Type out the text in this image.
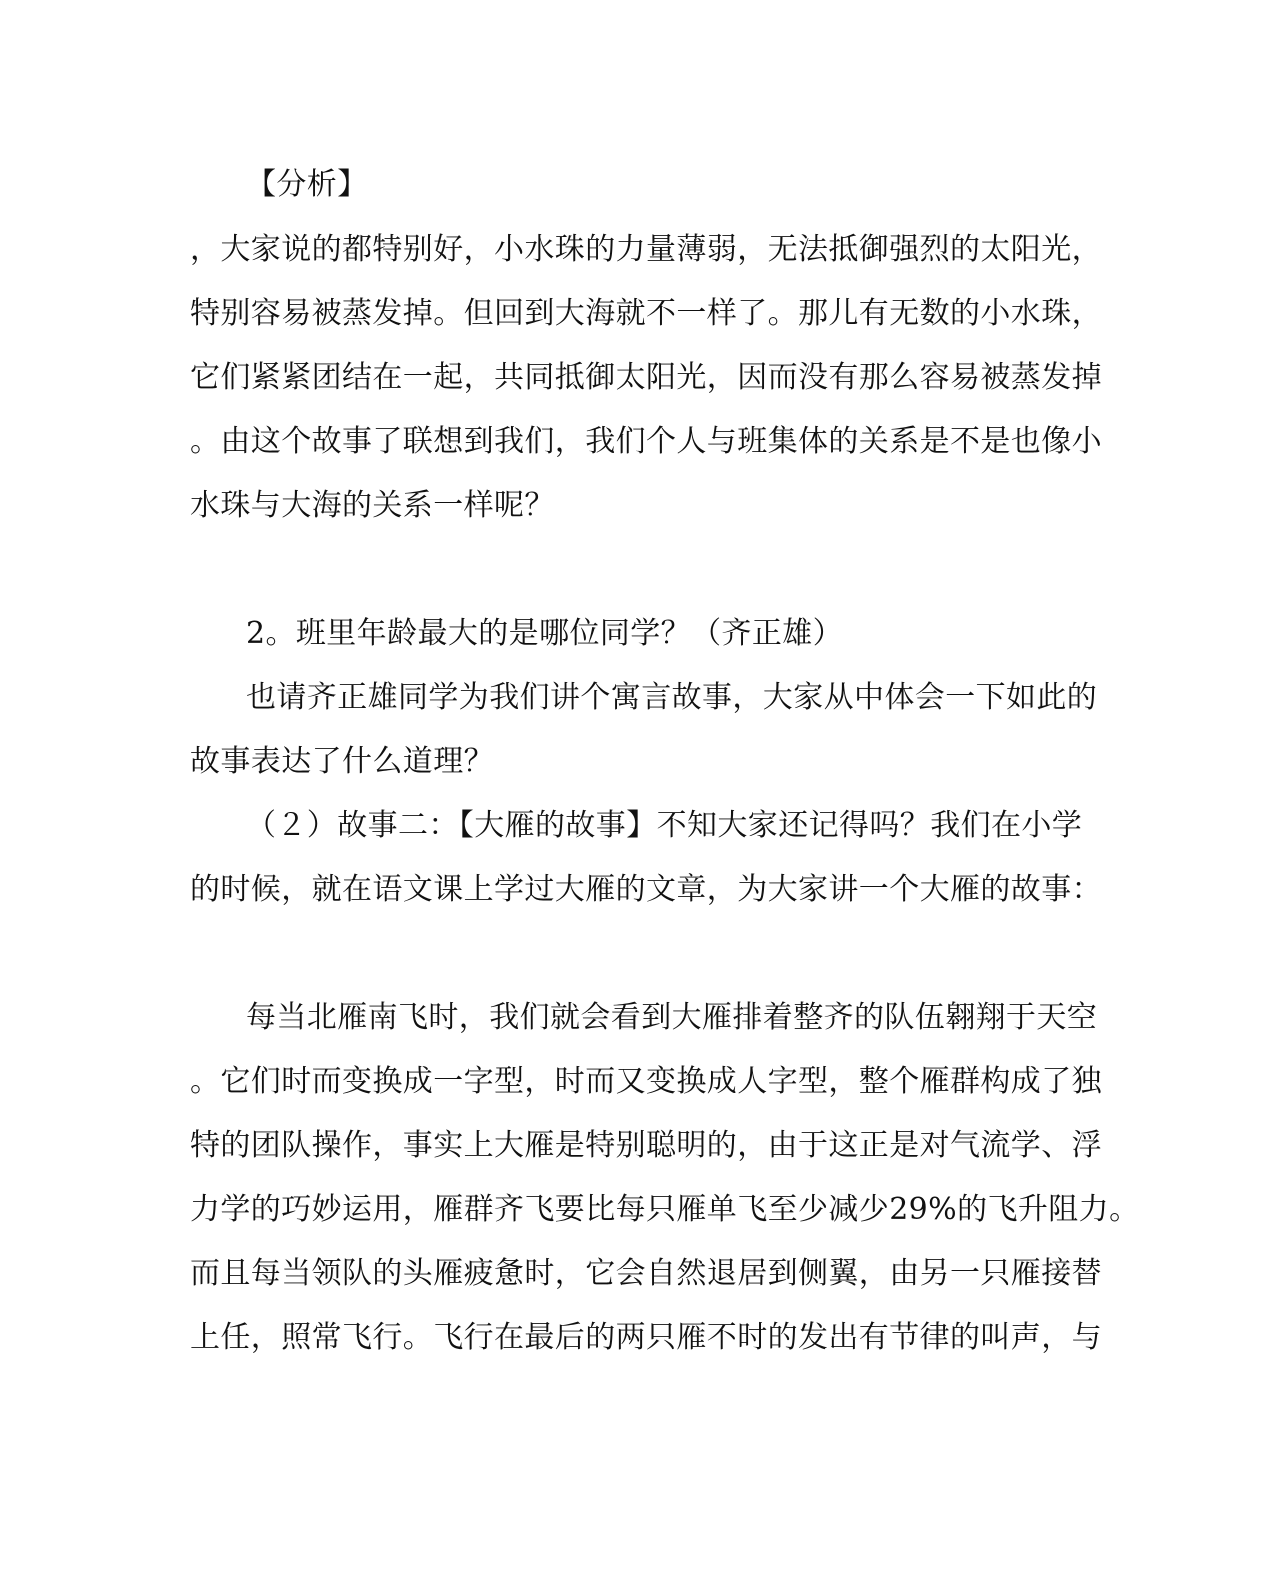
【分析】
，大家说的都特别好，小水珠的力量薄弱，无法抵御强烈的太阳光，
特别容易被蒸发掉。但回到大海就不一样了。那儿有无数的小水珠，
它们紧紧团结在一起，共同抵御太阳光，因而没有那么容易被蒸发掉
。由这个故事了联想到我们，我们个人与班集体的关系是不是也像小
水珠与大海的关系一样呢？
2。班里年龄最大的是哪位同学？（齐正雄）
也请齐正雄同学为我们讲个寓言故事，大家从中体会一下如此的
故事表达了什么道理？
（２）故事二：【大雁的故事】不知大家还记得吗？我们在小学
的时候，就在语文课上学过大雁的文章，为大家讲一个大雁的故事：
每当北雁南飞时，我们就会看到大雁排着整齐的队伍翱翔于天空
。它们时而变换成一字型，时而又变换成人字型，整个雁群构成了独
特的团队操作，事实上大雁是特别聪明的，由于这正是对气流学、浮
力学的巧妙运用，雁群齐飞要比每只雁单飞至少减少29%的飞升阻力。
而且每当领队的头雁疲惫时，它会自然退居到侧翼，由另一只雁接替
上任，照常飞行。飞行在最后的两只雁不时的发出有节律的叫声，与
